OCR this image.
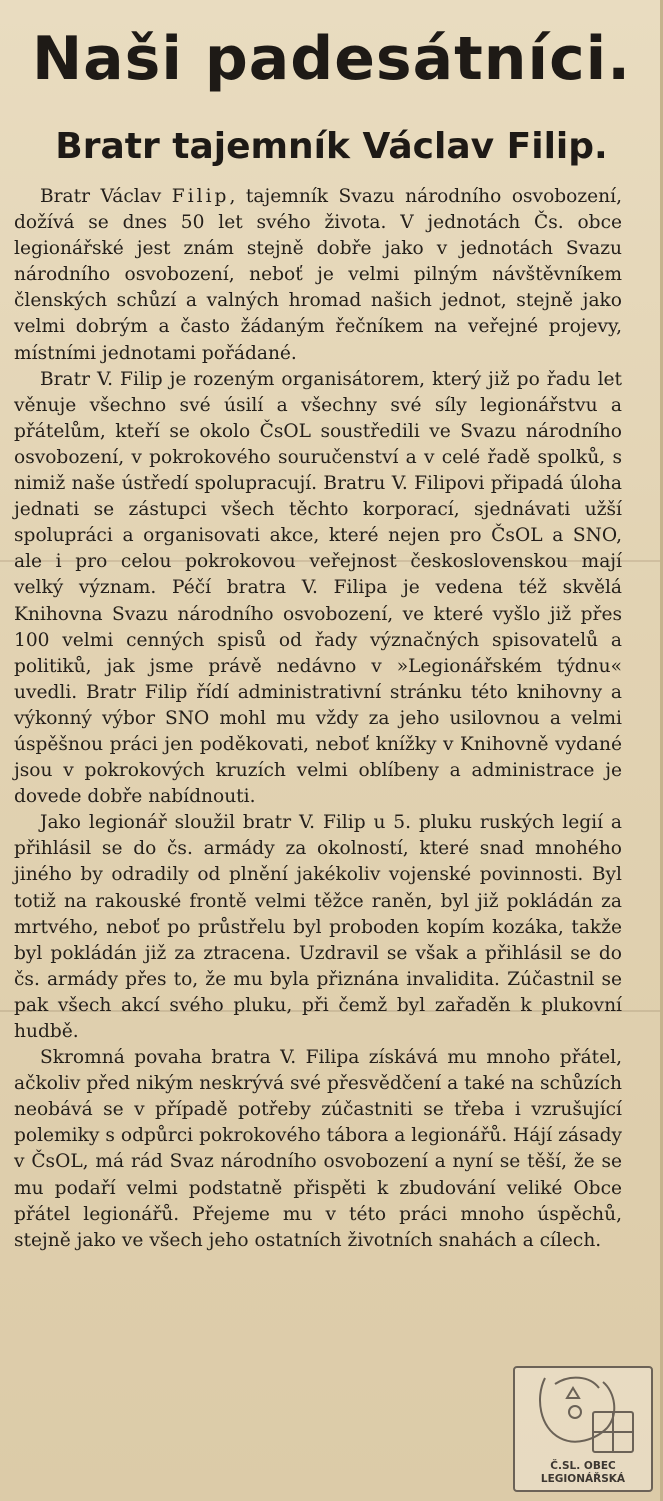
Naši padesátníci.
Bratr tajemník Václav Filip.

Bratr Václav Filip, tajemník Svazu národního osvobození, dožívá se dnes 50 let svého života. V jednotách Čs. obce legionářské jest znám stejně dobře jako v jednotách Svazu národního osvobození, neboť je velmi pilným návštěvníkem členských schůzí a valných hromad našich jednot, stejně jako velmi dobrým a často žádaným řečníkem na veřejné projevy, místními jednotami pořádané.

Bratr V. Filip je rozeným organisátorem, který již po řadu let věnuje všechno své úsilí a všechny své síly legionářstvu a přátelům, kteří se okolo ČsOL soustředili ve Svazu národního osvobození, v pokrokového souručenství a v celé řadě spolků, s nimiž naše ústředí spolupracují. Bratru V. Filipovi připadá úloha jednati se zástupci všech těchto korporací, sjednávati užší spolupráci a organisovati akce, které nejen pro ČsOL a SNO, ale i pro celou pokrokovou veřejnost československou mají velký význam. Péčí bratra V. Filipa je vedena též skvělá Knihovna Svazu národního osvobození, ve které vyšlo již přes 100 velmi cenných spisů od řady význačných spisovatelů a politiků, jak jsme právě nedávno v »Legionářském týdnu« uvedli. Bratr Filip řídí administrativní stránku této knihovny a výkonný výbor SNO mohl mu vždy za jeho usilovnou a velmi úspěšnou práci jen poděkovati, neboť knížky v Knihovně vydané jsou v pokrokových kruzích velmi oblíbeny a administrace je dovede dobře nabídnouti.

Jako legionář sloužil bratr V. Filip u 5. pluku ruských legií a přihlásil se do čs. armády za okolností, které snad mnohého jiného by odradily od plnění jakékoliv vojenské povinnosti. Byl totiž na rakouské frontě velmi těžce raněn, byl již pokládán za mrtvého, neboť po průstřelu byl proboden kopím kozáka, takže byl pokládán již za ztracena. Uzdravil se však a přihlásil se do čs. armády přes to, že mu byla přiznána invalidita. Zúčastnil se pak všech akcí svého pluku, při čemž byl zařaděn k plukovní hudbě.

Skromná povaha bratra V. Filipa získává mu mnoho přátel, ačkoliv před nikým neskrývá své přesvědčení a také na schůzích neobává se v případě potřeby zúčastniti se třeba i vzrušující polemiky s odpůrci pokrokového tábora a legionářů. Hájí zásady v ČsOL, má rád Svaz národního osvobození a nyní se těší, že se mu podaří velmi podstatně přispěti k zbudování veliké Obce přátel legionářů. Přejeme mu v této práci mnoho úspěchů, stejně jako ve všech jeho ostatních životních snahách a cílech.

Č.SL. OBEC
LEGIONÁŘSKÁ
